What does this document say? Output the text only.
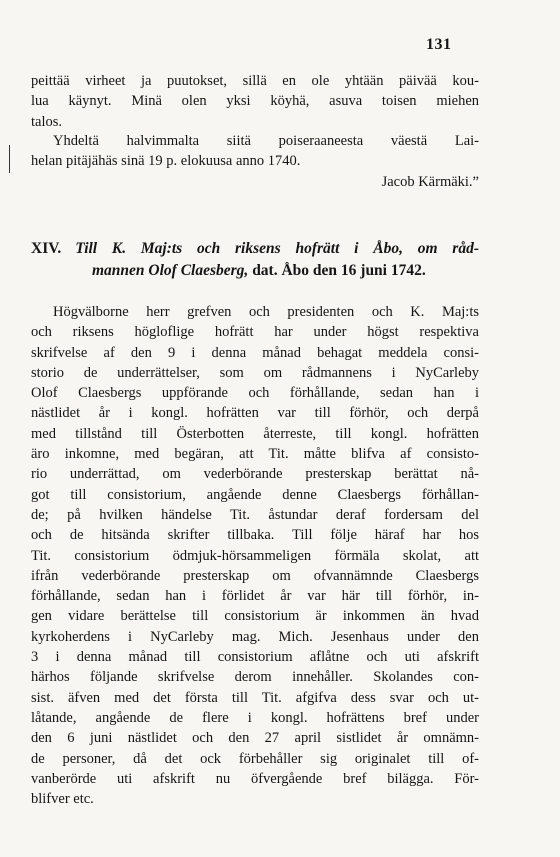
131
peittää virheet ja puutokset, sillä en ole yhtään päivää kou-
lua käynyt. Minä olen yksi köyhä, asuva toisen miehen
talos.
Yhdeltä halvimmalta siitä poiseraaneesta väestä Lai-
helan pitäjähäs sinä 19 p. elokuusa anno 1740.
Jacob Kärmäki.”
XIV. Till K. Maj:ts och riksens hofrätt i Åbo, om råd-
mannen Olof Claesberg, dat. Åbo den 16 juni 1742.
Högvälborne herr grefven och presidenten och K. Maj:ts
och riksens högloflige hofrätt har under högst respektiva
skrifvelse af den 9 i denna månad behagat meddela consi-
storio de underrättelser, som om rådmannens i NyCarleby
Olof Claesbergs uppförande och förhållande, sedan han i
nästlidet år i kongl. hofrätten var till förhör, och derpå
med tillstånd till Österbotten återreste, till kongl. hofrätten
äro inkomne, med begäran, att Tit. måtte blifva af consisto-
rio underrättad, om vederbörande presterskap berättat nå-
got till consistorium, angående denne Claesbergs förhållan-
de; på hvilken händelse Tit. åstundar deraf fordersam del
och de hitsända skrifter tillbaka. Till följe häraf har hos
Tit. consistorium ödmjuk-hörsammeligen förmäla skolat, att
ifrån vederbörande presterskap om ofvannämnde Claesbergs
förhållande, sedan han i förlidet år var här till förhör, in-
gen vidare berättelse till consistorium är inkommen än hvad
kyrkoherdens i NyCarleby mag. Mich. Jesenhaus under den
3 i denna månad till consistorium aflåtne och uti afskrift
härhos följande skrifvelse derom innehåller. Skolandes con-
sist. äfven med det första till Tit. afgifva dess svar och ut-
låtande, angående de flere i kongl. hofrättens bref under
den 6 juni nästlidet och den 27 april sistlidet år omnämn-
de personer, då det ock förbehåller sig originalet till of-
vanberörde uti afskrift nu öfvergående bref bilägga. För-
blifver etc.
